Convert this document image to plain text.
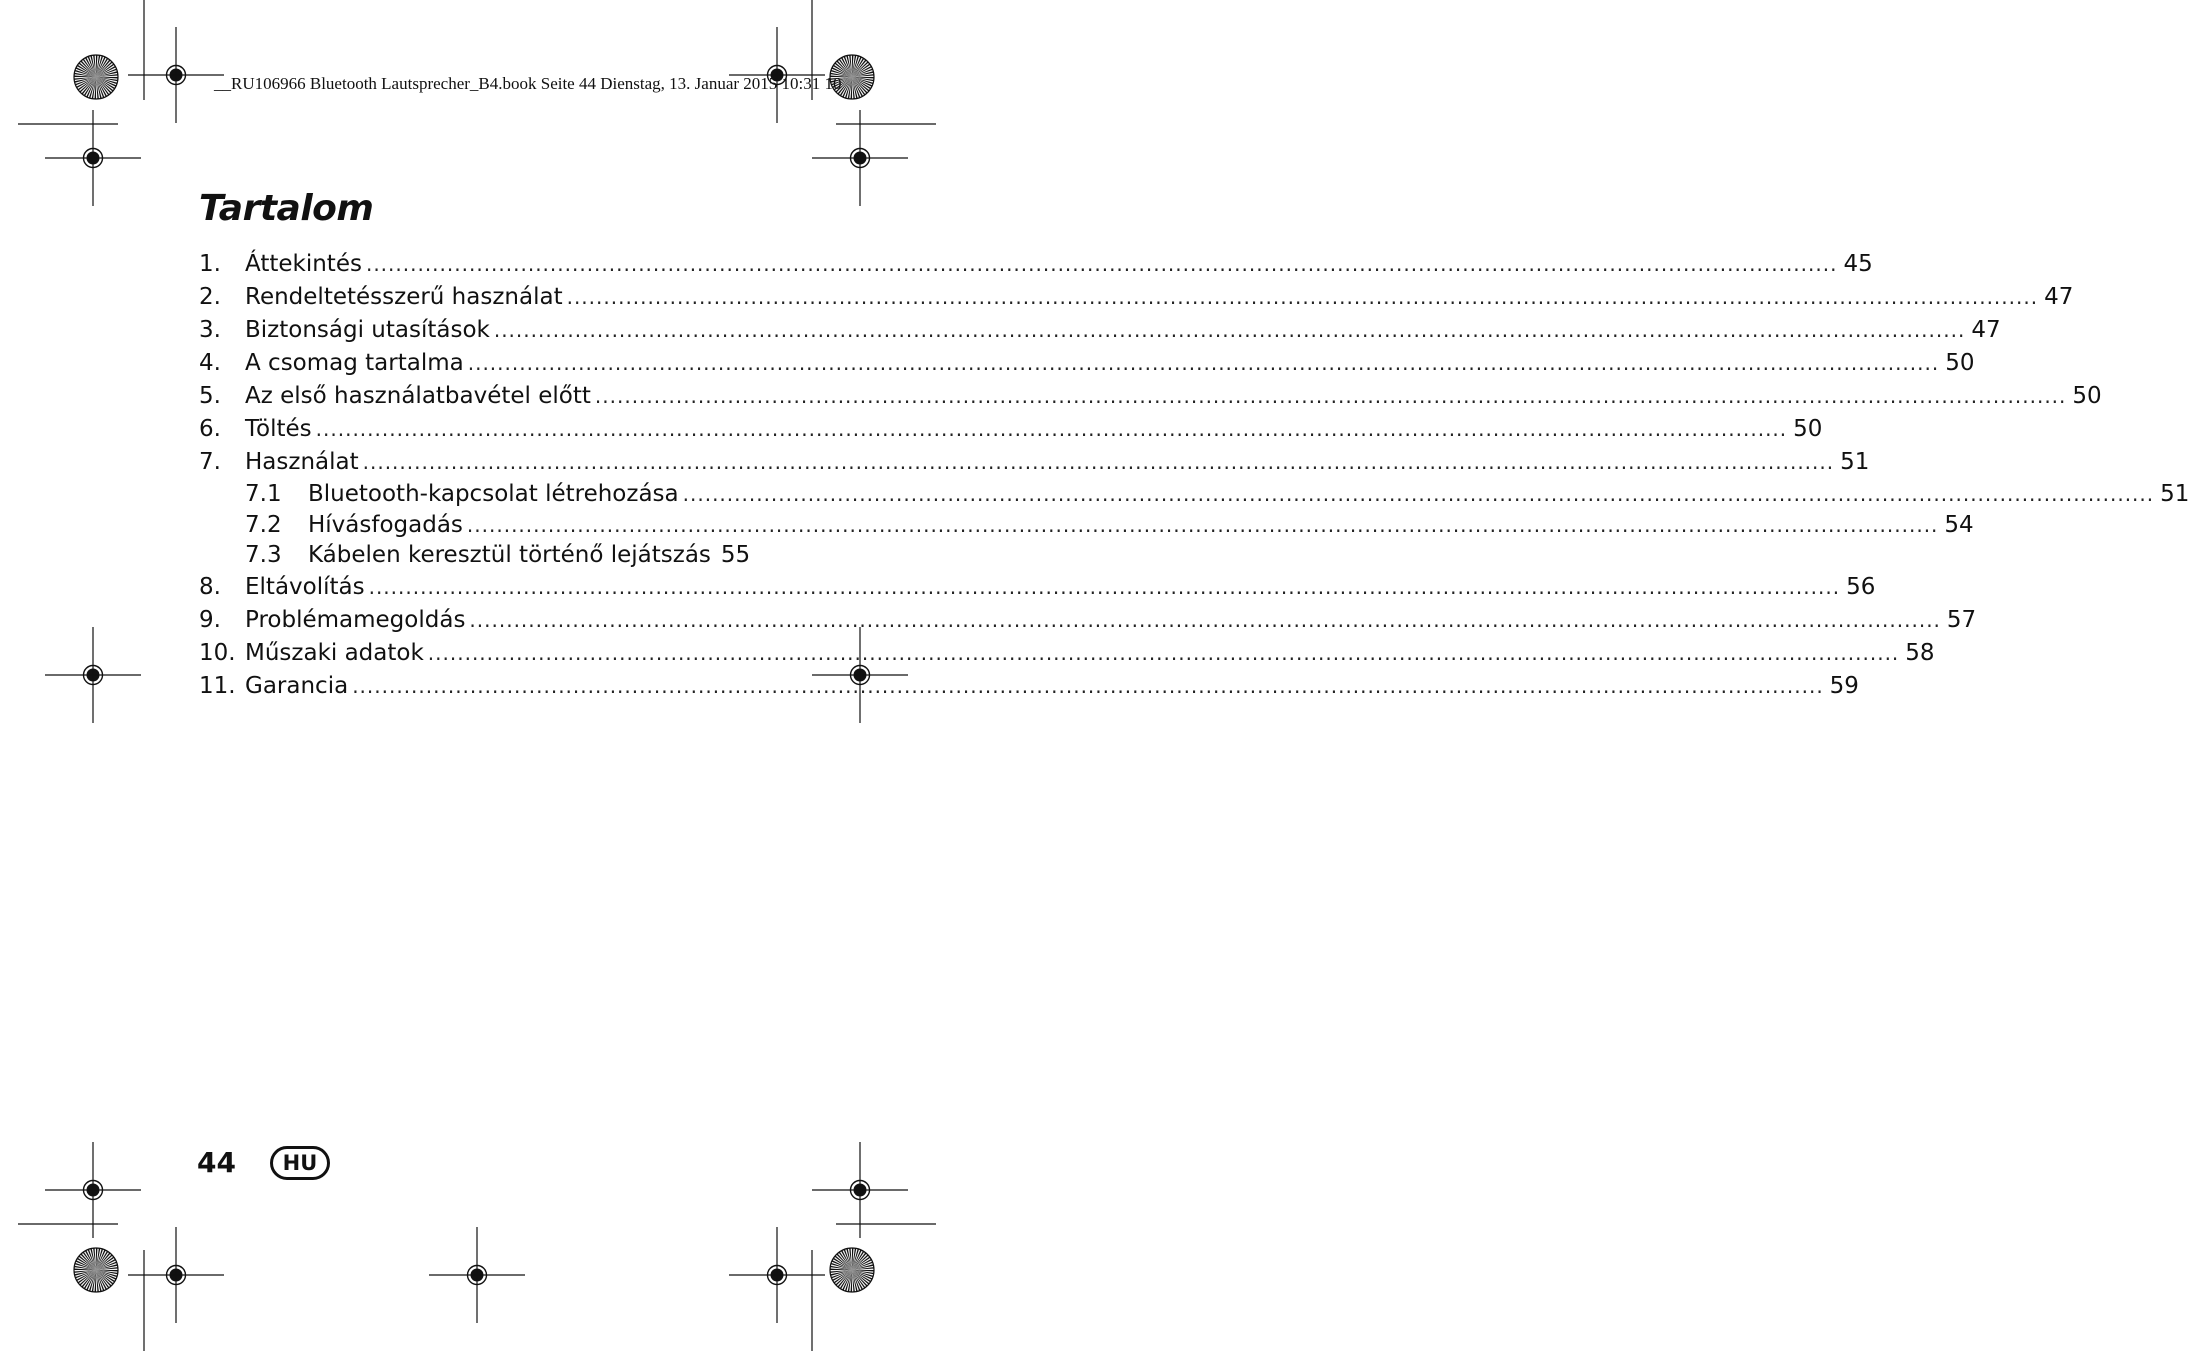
__RU106966 Bluetooth Lautsprecher_B4.book Seite 44 Dienstag, 13. Januar 2015 10:31 10
Tartalom
1.	Áttekintés ........................................................................................................................................................................................................ 45
2.	Rendeltetésszerű használat ........................................................................................................................................................................................................ 47
3.	Biztonsági utasítások ........................................................................................................................................................................................................ 47
4.	A csomag tartalma ........................................................................................................................................................................................................ 50
5.	Az első használatbavétel előtt ........................................................................................................................................................................................................ 50
6.	Töltés ........................................................................................................................................................................................................ 50
7.	Használat ........................................................................................................................................................................................................ 51
7.1	Bluetooth-kapcsolat létrehozása ........................................................................................................................................................................................................ 51
7.2	Hívásfogadás ........................................................................................................................................................................................................ 54
7.3	Kábelen keresztül történő lejátszás 55
8.	Eltávolítás ........................................................................................................................................................................................................ 56
9.	Problémamegoldás ........................................................................................................................................................................................................ 57
10. Műszaki adatok ........................................................................................................................................................................................................ 58
11. Garancia ........................................................................................................................................................................................................ 59
44	HU
